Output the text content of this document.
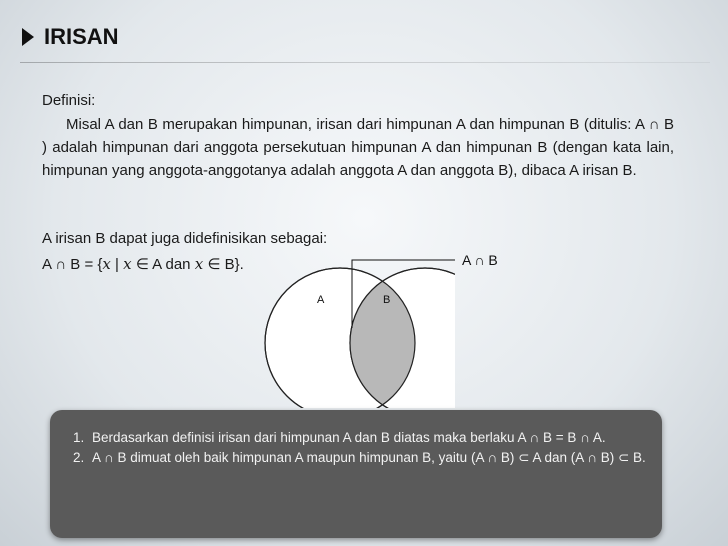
IRISAN
Definisi:
Misal A dan B merupakan himpunan, irisan dari himpunan A dan himpunan B (ditulis: A ∩ B ) adalah himpunan dari anggota persekutuan himpunan A dan himpunan B (dengan kata lain, himpunan yang anggota-anggotanya adalah anggota A dan anggota B), dibaca A irisan B.
A irisan B dapat juga didefinisikan sebagai:
A ∩ B = {x | x ∈ A dan x ∈ B}.
A	B
A ∩ B
1. Berdasarkan definisi irisan dari himpunan A dan B diatas maka berlaku A ∩ B = B ∩ A.
2. A ∩ B dimuat oleh baik himpunan A maupun himpunan B, yaitu (A ∩ B) ⊂ A dan (A ∩ B) ⊂ B.
